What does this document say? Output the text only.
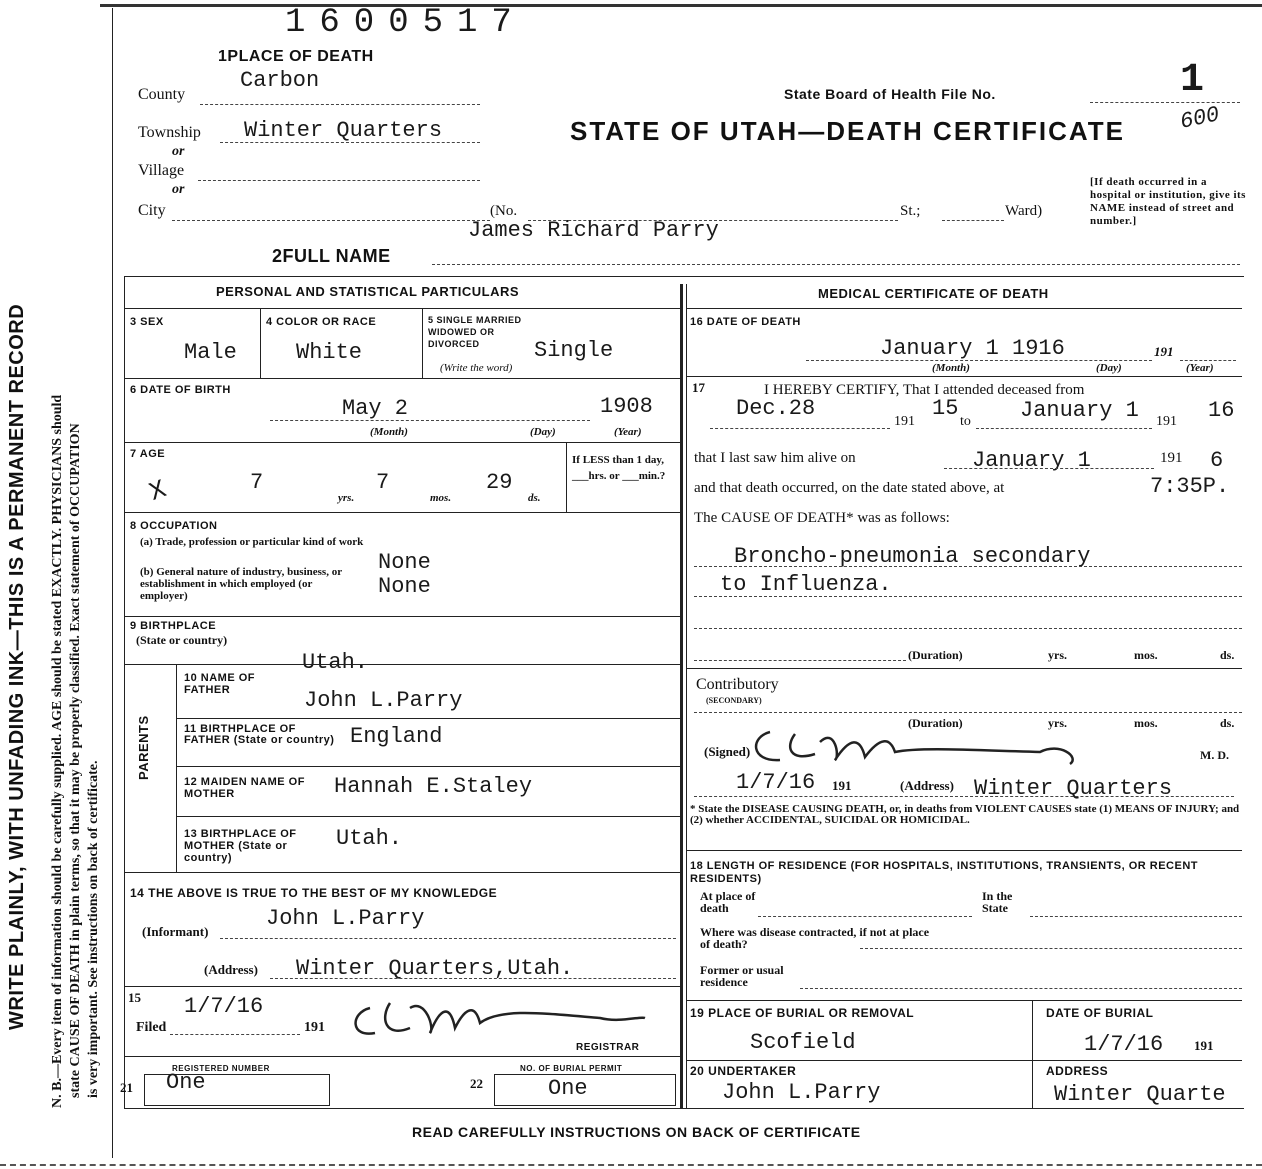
1600517
WRITE PLAINLY, WITH UNFADING INK—THIS IS A PERMANENT RECORD N. B.—Every item of information should be carefully supplied. AGE should be stated EXACTLY. PHYSICIANS should state CAUSE OF DEATH in plain terms, so that it may be properly classified. Exact statement of OCCUPATION is very important. See instructions on back of certificate.
1PLACE OF DEATH
County
Carbon
Township Winter Quarters
or
Village
or
City	(No.	St.;	Ward)
State Board of Health File No.	1
600
STATE OF UTAH—DEATH CERTIFICATE
[If death occurred in a hospital or institution, give its NAME instead of street and number.]
James Richard Parry
2FULL NAME
PERSONAL AND STATISTICAL PARTICULARS	MEDICAL CERTIFICATE OF DEATH
3 SEX
Male
4 COLOR OR RACE
White
5 SINGLE MARRIED WIDOWED OR DIVORCED
(Write the word)
Single
6 DATE OF BIRTH
May 2	1908
(Month)	(Day)	(Year)
7 AGE
X	7
yrs.
7
mos.
29
ds.
If LESS than 1 day, ___hrs. or ___min.?
8 OCCUPATION
(a) Trade, profession or particular kind of work
None
(b) General nature of industry, business, or establishment in which employed (or employer)	None
9 BIRTHPLACE
(State or country)
Utah.
PARENTS
10 NAME OF FATHER	John L.Parry
11 BIRTHPLACE OF FATHER (State or country) England
12 MAIDEN NAME OF MOTHER	Hannah E.Staley
13 BIRTHPLACE OF MOTHER (State or country)
Utah.
14 THE ABOVE IS TRUE TO THE BEST OF MY KNOWLEDGE
John L.Parry
(Informant)
(Address) Winter Quarters,Utah.
15 1/7/16
Filed	191
REGISTRAR
21
REGISTERED NUMBER
One	22
NO. OF BURIAL PERMIT
One
16 DATE OF DEATH
January 1 1916	191
(Month)	(Day)	(Year)
17	I HEREBY CERTIFY, That I attended deceased from
Dec.28	15	January 1	16
191	to	191
that I last saw him alive on	January 1	191 6
and that death occurred, on the date stated above, at	7:35P.
The CAUSE OF DEATH* was as follows:
Broncho-pneumonia secondary
to Influenza.
(Duration)	yrs.	mos.	ds.
Contributory
(SECONDARY)
(Duration)	yrs.	mos.	ds.
(Signed)	M. D.
1/7/16 191	(Address) Winter Quarters
* State the DISEASE CAUSING DEATH, or, in deaths from VIOLENT CAUSES state (1) MEANS OF INJURY; and (2) whether ACCIDENTAL, SUICIDAL OR HOMICIDAL.
18 LENGTH OF RESIDENCE (FOR HOSPITALS, INSTITUTIONS, TRANSIENTS, OR RECENT RESIDENTS)
At place of death
In the State
Where was disease contracted, if not at place of death?
Former or usual residence
19 PLACE OF BURIAL OR REMOVAL
Scofield
DATE OF BURIAL
1/7/16 191
20 UNDERTAKER
John L.Parry
ADDRESS
Winter Quarte
READ CAREFULLY INSTRUCTIONS ON BACK OF CERTIFICATE
